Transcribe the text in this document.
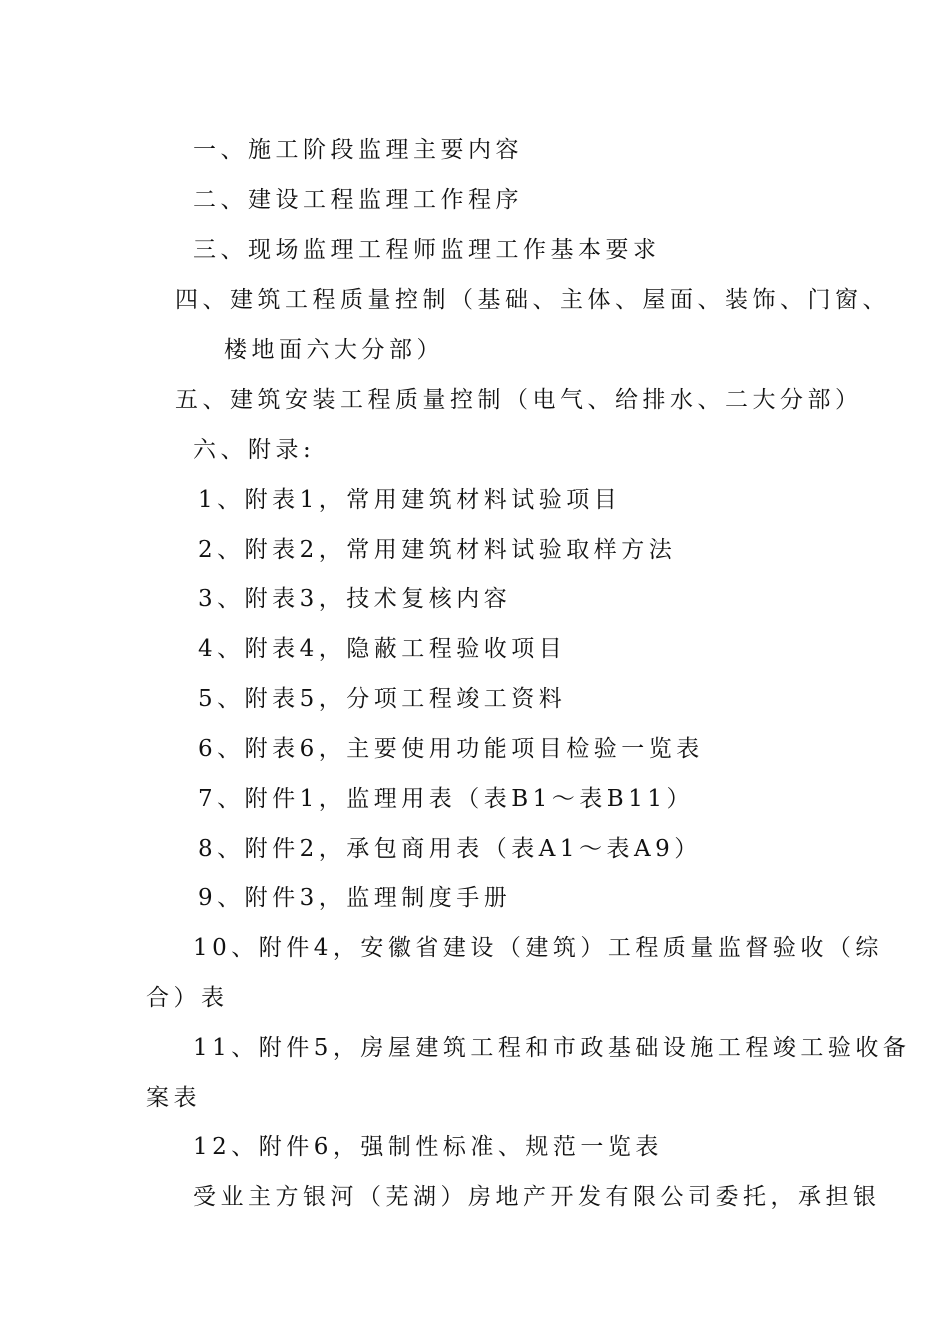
一、施工阶段监理主要内容
二、建设工程监理工作程序
三、现场监理工程师监理工作基本要求
四、建筑工程质量控制（基础、主体、屋面、装饰、门窗、
楼地面六大分部）
五、建筑安装工程质量控制（电气、给排水、二大分部）
六、附录:
1、附表1，常用建筑材料试验项目
2、附表2，常用建筑材料试验取样方法
3、附表3，技术复核内容
4、附表4，隐蔽工程验收项目
5、附表5，分项工程竣工资料
6、附表6，主要使用功能项目检验一览表
7、附件1，监理用表（表B1～表B11）
8、附件2，承包商用表（表A1～表A9）
9、附件3，监理制度手册
10、附件4，安徽省建设（建筑）工程质量监督验收（综
合）表
11、附件5，房屋建筑工程和市政基础设施工程竣工验收备
案表
12、附件6，强制性标准、规范一览表
受业主方银河（芜湖）房地产开发有限公司委托，承担银
